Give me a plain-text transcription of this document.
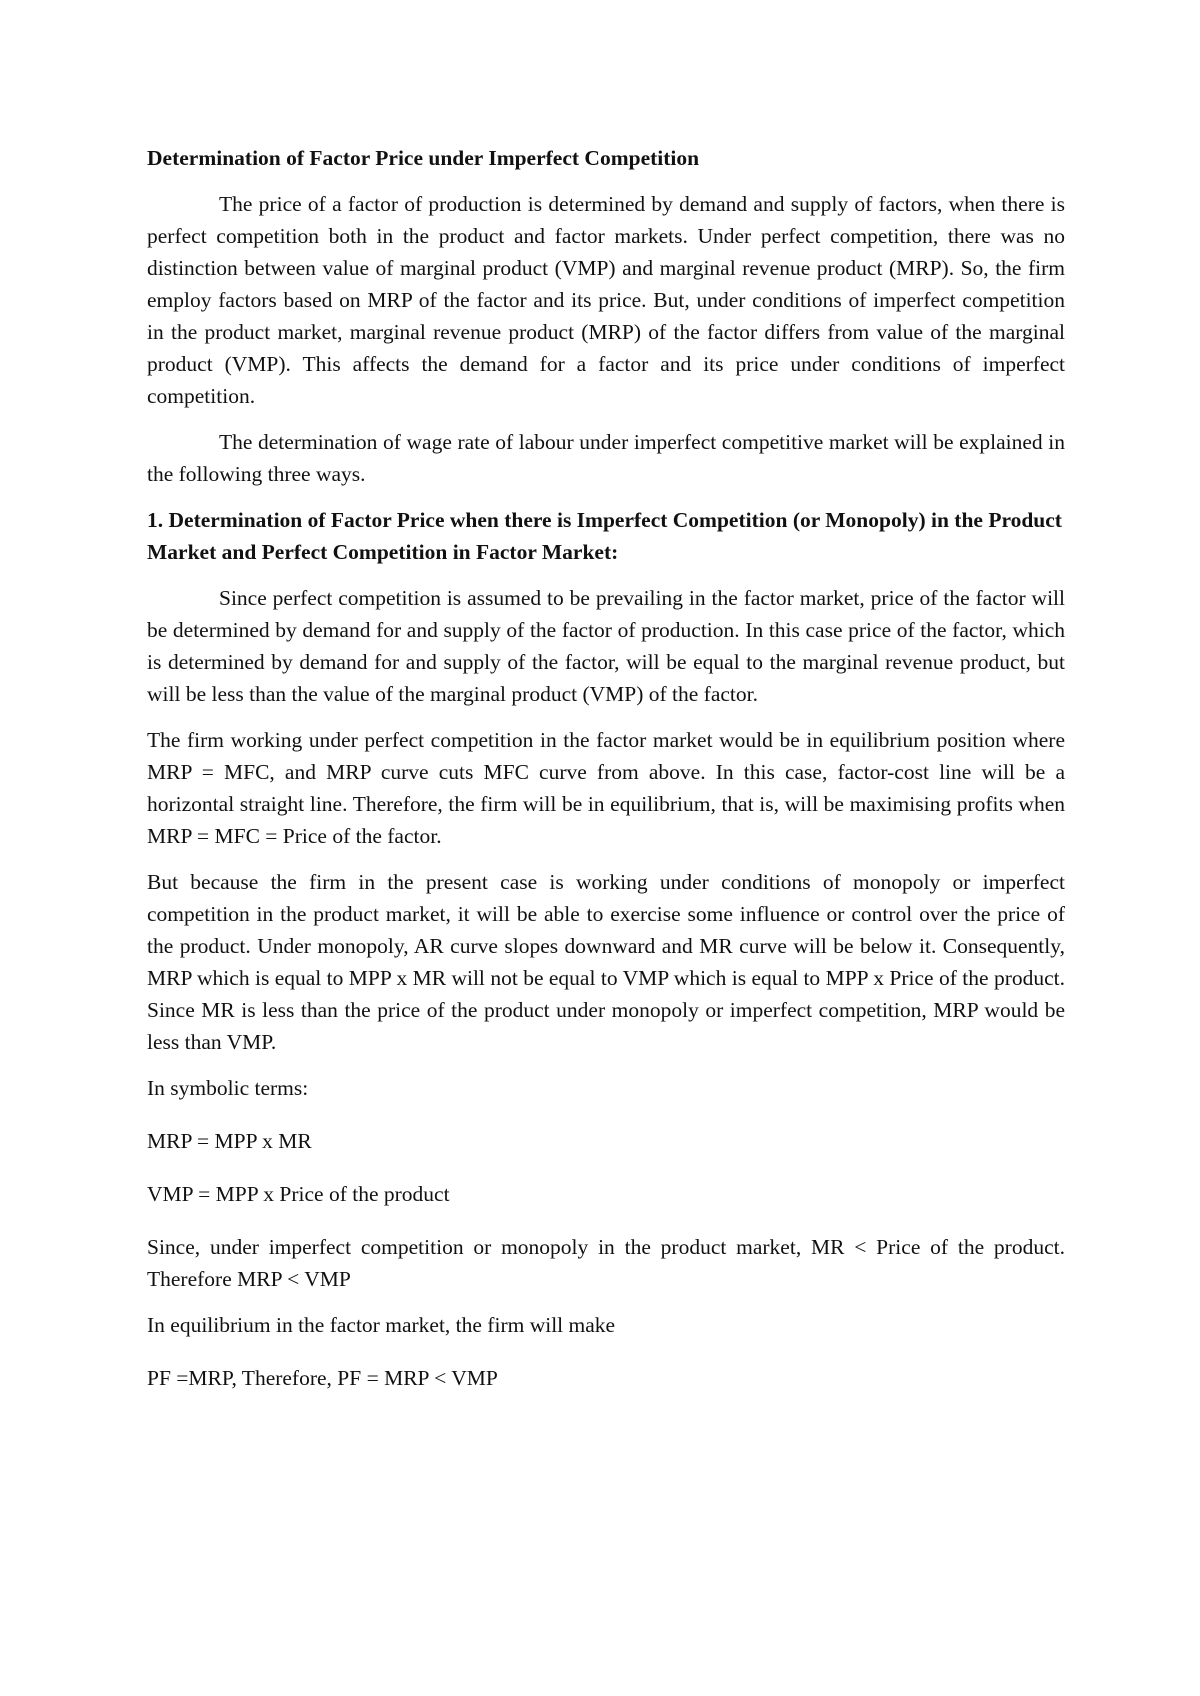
Determination of Factor Price under Imperfect Competition

The price of a factor of production is determined by demand and supply of factors, when there is perfect competition both in the product and factor markets. Under perfect competition, there was no distinction between value of marginal product (VMP) and marginal revenue product (MRP). So, the firm employ factors based on MRP of the factor and its price. But, under conditions of imperfect competition in the product market, marginal revenue product (MRP) of the factor differs from value of the marginal product (VMP). This affects the demand for a factor and its price under conditions of imperfect competition.

The determination of wage rate of labour under imperfect competitive market will be explained in the following three ways.

1. Determination of Factor Price when there is Imperfect Competition (or Monopoly) in the Product Market and Perfect Competition in Factor Market:

Since perfect competition is assumed to be prevailing in the factor market, price of the factor will be determined by demand for and supply of the factor of production. In this case price of the factor, which is determined by demand for and supply of the factor, will be equal to the marginal revenue product, but will be less than the value of the marginal product (VMP) of the factor.

The firm working under perfect competition in the factor market would be in equilibrium position where MRP = MFC, and MRP curve cuts MFC curve from above. In this case, factor-cost line will be a horizontal straight line. Therefore, the firm will be in equilibrium, that is, will be maximising profits when MRP = MFC = Price of the factor.

But because the firm in the present case is working under conditions of monopoly or imperfect competition in the product market, it will be able to exercise some influence or control over the price of the product. Under monopoly, AR curve slopes downward and MR curve will be below it. Consequently, MRP which is equal to MPP x MR will not be equal to VMP which is equal to MPP x Price of the product. Since MR is less than the price of the product under monopoly or imperfect competition, MRP would be less than VMP.

In symbolic terms:

MRP = MPP x MR

VMP = MPP x Price of the product

Since, under imperfect competition or monopoly in the product market, MR < Price of the product. Therefore MRP < VMP

In equilibrium in the factor market, the firm will make

PF =MRP, Therefore, PF = MRP < VMP
